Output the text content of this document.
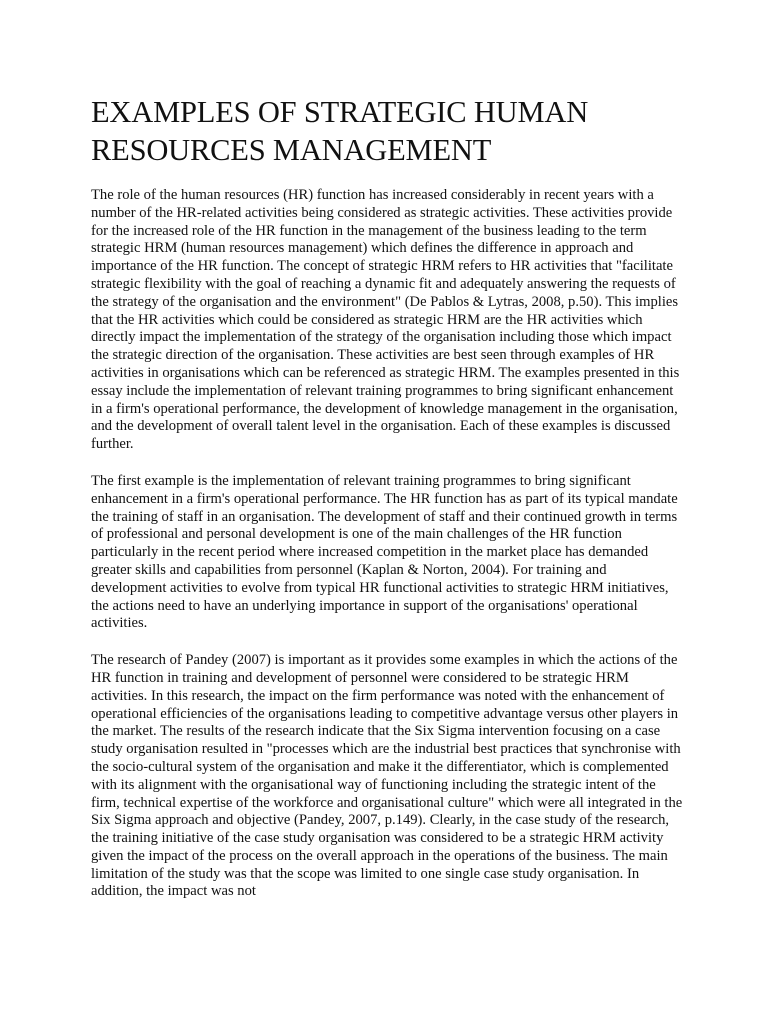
EXAMPLES OF STRATEGIC HUMAN RESOURCES MANAGEMENT

The role of the human resources (HR) function has increased considerably in recent years with a number of the HR-related activities being considered as strategic activities. These activities provide for the increased role of the HR function in the management of the business leading to the term strategic HRM (human resources management) which defines the difference in approach and importance of the HR function. The concept of strategic HRM refers to HR activities that "facilitate strategic flexibility with the goal of reaching a dynamic fit and adequately answering the requests of the strategy of the organisation and the environment" (De Pablos & Lytras, 2008, p.50). This implies that the HR activities which could be considered as strategic HRM are the HR activities which directly impact the implementation of the strategy of the organisation including those which impact the strategic direction of the organisation. These activities are best seen through examples of HR activities in organisations which can be referenced as strategic HRM. The examples presented in this essay include the implementation of relevant training programmes to bring significant enhancement in a firm's operational performance, the development of knowledge management in the organisation, and the development of overall talent level in the organisation. Each of these examples is discussed further.

The first example is the implementation of relevant training programmes to bring significant enhancement in a firm's operational performance. The HR function has as part of its typical mandate the training of staff in an organisation. The development of staff and their continued growth in terms of professional and personal development is one of the main challenges of the HR function particularly in the recent period where increased competition in the market place has demanded greater skills and capabilities from personnel (Kaplan & Norton, 2004). For training and development activities to evolve from typical HR functional activities to strategic HRM initiatives, the actions need to have an underlying importance in support of the organisations' operational activities.

The research of Pandey (2007) is important as it provides some examples in which the actions of the HR function in training and development of personnel were considered to be strategic HRM activities. In this research, the impact on the firm performance was noted with the enhancement of operational efficiencies of the organisations leading to competitive advantage versus other players in the market. The results of the research indicate that the Six Sigma intervention focusing on a case study organisation resulted in "processes which are the industrial best practices that synchronise with the socio-cultural system of the organisation and make it the differentiator, which is complemented with its alignment with the organisational way of functioning including the strategic intent of the firm, technical expertise of the workforce and organisational culture" which were all integrated in the Six Sigma approach and objective (Pandey, 2007, p.149). Clearly, in the case study of the research, the training initiative of the case study organisation was considered to be a strategic HRM activity given the impact of the process on the overall approach in the operations of the business. The main limitation of the study was that the scope was limited to one single case study organisation. In addition, the impact was not
